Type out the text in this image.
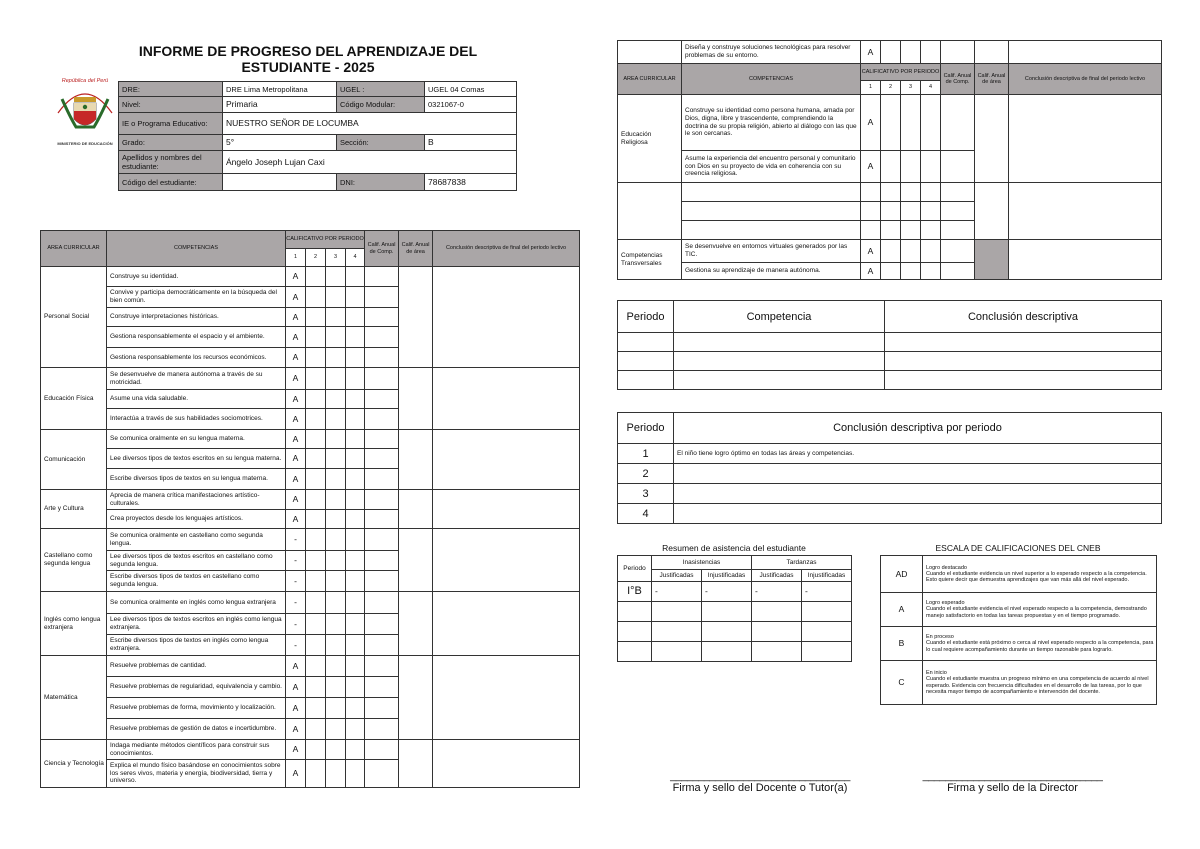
INFORME DE PROGRESO DEL APRENDIZAJE DEL ESTUDIANTE - 2025
República del Perú
MINISTERIO DE EDUCACIÓN
DRE:	DRE Lima Metropolitana	UGEL :	UGEL 04 Comas
Nivel:	Primaria	Código Modular:	0321067-0
IE o Programa Educativo:	NUESTRO SEÑOR DE LOCUMBA		
Grado:	5°	Sección:	B
Apellidos y nombres del estudiante:	Ángelo Joseph Lujan Caxi		
Código del estudiante:		DNI:	78687838
AREA CURRICULAR	COMPETENCIAS	CALIFICATIVO POR PERIODO				Calif. Anual de Comp.	Calif. Anual de área	Conclusión descriptiva de final del periodo lectivo
		1	2	3	4			
Personal Social	Construye su identidad.	A						
	Convive y participa democráticamente en la búsqueda del bien común.	A						
	Construye interpretaciones históricas.	A						
	Gestiona responsablemente el espacio y el ambiente.	A						
	Gestiona responsablemente los recursos económicos.	A						
Educación Física	Se desenvuelve de manera autónoma a través de su motricidad.	A						
	Asume una vida saludable.	A						
	Interactúa a través de sus habilidades sociomotrices.	A						
Comunicación	Se comunica oralmente en su lengua materna.	A						
	Lee diversos tipos de textos escritos en su lengua materna.	A						
	Escribe diversos tipos de textos en su lengua materna.	A						
Arte y Cultura	Aprecia de manera crítica manifestaciones artístico-culturales.	A						
	Crea proyectos desde los lenguajes artísticos.	A						
Castellano como segunda lengua	Se comunica oralmente en castellano como segunda lengua.	-						
	Lee diversos tipos de textos escritos en castellano como segunda lengua.	-						
	Escribe diversos tipos de textos en castellano como segunda lengua.	-						
Inglés como lengua extranjera	Se comunica oralmente en inglés como lengua extranjera	-						
	Lee diversos tipos de textos escritos en inglés como lengua extranjera.	-						
	Escribe diversos tipos de textos en inglés como lengua extranjera.	-						
Matemática	Resuelve problemas de cantidad.	A						
	Resuelve problemas de regularidad, equivalencia y cambio.	A						
	Resuelve problemas de forma, movimiento y localización.	A						
	Resuelve problemas de gestión de datos e incertidumbre.	A						
Ciencia y Tecnología	Indaga mediante métodos científicos para construir sus conocimientos.	A						
	Explica el mundo físico basándose en conocimientos sobre los seres vivos, materia y energía, biodiversidad, tierra y universo.	A						
	Diseña y construye soluciones tecnológicas para resolver problemas de su entorno.	A						
AREA CURRICULAR	COMPETENCIAS	CALIFICATIVO POR PERIODO				Calif. Anual de Comp.	Calif. Anual de área	Conclusión descriptiva de final del periodo lectivo
		1	2	3	4			
Educación Religiosa	Construye su identidad como persona humana, amada por Dios, digna, libre y trascendente, comprendiendo la doctrina de su propia religión, abierto al diálogo con las que le son cercanas.	A						
	Asume la experiencia del encuentro personal y comunitario con Dios en su proyecto de vida en coherencia con su creencia religiosa.	A						

Competencias Transversales	Se desenvuelve en entornos virtuales generados por las TIC.	A						
	Gestiona su aprendizaje de manera autónoma.	A						
Periodo	Competencia	Conclusión descriptiva

Periodo	Conclusión descriptiva por periodo
1	El niño tiene logro óptimo en todas las áreas y competencias.
2	
3	
4	
Resumen de asistencia del estudiante
Periodo	Inasistencias		Tardanzas	
	Justificadas	Injustificadas	Justificadas	Injustificadas
I°B	-	-	-	-

ESCALA DE CALIFICACIONES DEL CNEB
AD	Logro destacado
Cuando el estudiante evidencia un nivel superior a lo esperado respecto a la competencia. Esto quiere decir que demuestra aprendizajes que van más allá del nivel esperado.

A	Logro esperado
Cuando el estudiante evidencia el nivel esperado respecto a la competencia, demostrando manejo satisfactorio en todas las tareas propuestas y en el tiempo programado.

B	En proceso
Cuando el estudiante está próximo o cerca al nivel esperado respecto a la competencia, para lo cual requiere acompañamiento durante un tiempo razonable para lograrlo.

C	En inicio
Cuando el estudiante muestra un progreso mínimo en una competencia de acuerdo al nivel esperado. Evidencia con frecuencia dificultades en el desarrollo de las tareas, por lo que necesita mayor tiempo de acompañamiento e intervención del docente.
________________________________
Firma y sello del Docente o Tutor(a)
________________________________
Firma y sello de la Director
